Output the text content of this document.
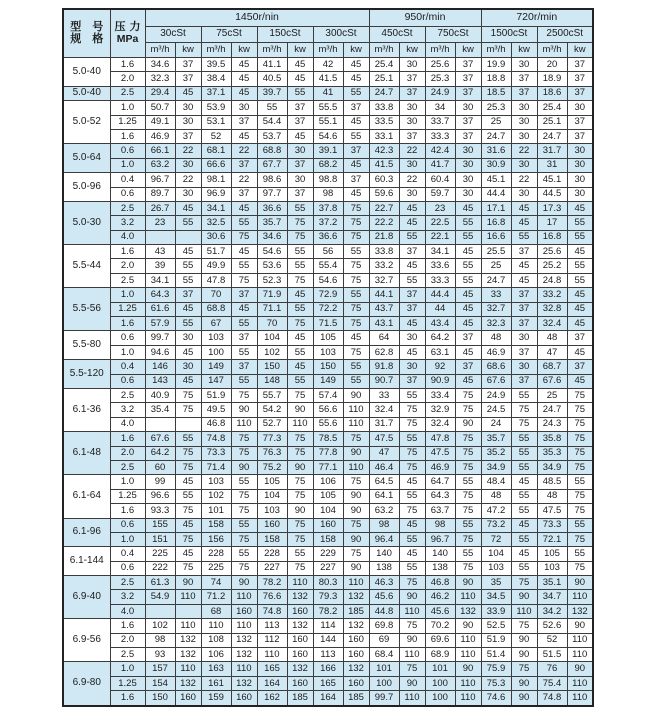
型 号
规 格

压力
MPa
	1450r/nin	950r/min	720r/min
		30cSt		75cSt		150cSt		300cSt		450cSt		750cSt		1500cSt		2500cSt	
		m³/h	kw	m³/h	kw	m³/h	kw	m³/h	kw	m³/h	kw	m³/h	kw	m³/h	kw	m³/h	kw
5.0-40	1.6	34.6	37	39.5	45	41.1	45	42	45	25.4	30	25.6	37	19.9	30	20	37
	2.0	32.3	37	38.4	45	40.5	45	41.5	45	25.1	37	25.3	37	18.8	37	18.9	37
5.0-40	2.5	29.4	45	37.1	45	39.7	55	41	55	24.7	37	24.9	37	18.5	37	18.6	37
5.0-52	1.0	50.7	30	53.9	30	55	37	55.5	37	33.8	30	34	30	25.3	30	25.4	30
	1.25	49.1	30	53.1	37	54.4	37	55.1	45	33.5	30	33.7	37	25	30	25.1	37
	1.6	46.9	37	52	45	53.7	45	54.6	55	33.1	37	33.3	37	24.7	30	24.7	37
5.0-64	0.6	66.1	22	68.1	22	68.8	30	39.1	37	42.3	22	42.4	30	31.6	22	31.7	30
	1.0	63.2	30	66.6	37	67.7	37	68.2	45	41.5	30	41.7	30	30.9	30	31	30
5.0-96	0.4	96.7	22	98.1	22	98.6	30	98.8	37	60.3	22	60.4	30	45.1	22	45.1	30
	0.6	89.7	30	96.9	37	97.7	37	98	45	59.6	30	59.7	30	44.4	30	44.5	30
5.0-30	2.5	26.7	45	34.1	45	36.6	55	37.8	75	22.7	45	23	45	17.1	45	17.3	45
	3.2	23	55	32.5	55	35.7	75	37.2	75	22.2	45	22.5	55	16.8	45	17	55
	4.0			30.6	75	34.6	75	36.6	75	21.8	55	22.1	55	16.6	55	16.8	55
5.5-44	1.6	43	45	51.7	45	54.6	55	56	55	33.8	37	34.1	45	25.5	37	25.6	45
	2.0	39	55	49.9	55	53.6	55	55.4	75	33.2	45	33.6	55	25	45	25.2	55
	2.5	34.1	55	47.8	75	52.3	75	54.6	75	32.7	55	33.3	55	24.7	45	24.8	55
5.5-56	1.0	64.3	37	70	37	71.9	45	72.9	55	44.1	37	44.4	45	33	37	33.2	45
	1.25	61.6	45	68.8	45	71.1	55	72.2	75	43.7	37	44	45	32.7	37	32.8	45
	1.6	57.9	55	67	55	70	75	71.5	75	43.1	45	43.4	45	32.3	37	32.4	45
5.5-80	0.6	99.7	30	103	37	104	45	105	45	64	30	64.2	37	48	30	48	37
	1.0	94.6	45	100	55	102	55	103	75	62.8	45	63.1	45	46.9	37	47	45
5.5-120	0.4	146	30	149	37	150	45	150	55	91.8	30	92	37	68.6	30	68.7	37
	0.6	143	45	147	55	148	55	149	55	90.7	37	90.9	45	67.6	37	67.6	45
6.1-36	2.5	40.9	75	51.9	75	55.7	75	57.4	90	33	55	33.4	75	24.9	55	25	75
	3.2	35.4	75	49.5	90	54.2	90	56.6	110	32.4	75	32.9	75	24.5	75	24.7	75
	4.0			46.8	110	52.7	110	55.6	110	31.7	75	32.4	90	24	75	24.3	75
6.1-48	1.6	67.6	55	74.8	75	77.3	75	78.5	75	47.5	55	47.8	75	35.7	55	35.8	75
	2.0	64.2	75	73.3	75	76.3	75	77.8	90	47	75	47.5	75	35.2	55	35.3	75
	2.5	60	75	71.4	90	75.2	90	77.1	110	46.4	75	46.9	75	34.9	55	34.9	75
6.1-64	1.0	99	45	103	55	105	75	106	75	64.5	45	64.7	55	48.4	45	48.5	55
	1.25	96.6	55	102	75	104	75	105	90	64.1	55	64.3	75	48	55	48	75
	1.6	93.3	75	101	75	103	90	104	90	63.2	75	63.7	75	47.2	55	47.5	75
6.1-96	0.6	155	45	158	55	160	75	160	75	98	45	98	55	73.2	45	73.3	55
	1.0	151	75	156	75	158	75	158	90	96.4	55	96.7	75	72	55	72.1	75
6.1-144	0.4	225	45	228	55	228	55	229	75	140	45	140	55	104	45	105	55
	0.6	222	75	225	75	227	75	227	90	138	55	138	75	103	55	103	75
6.9-40	2.5	61.3	90	74	90	78.2	110	80.3	110	46.3	75	46.8	90	35	75	35.1	90
	3.2	54.9	110	71.2	110	76.6	132	79.3	132	45.6	90	46.2	110	34.5	90	34.7	110
	4.0			68	160	74.8	160	78.2	185	44.8	110	45.6	132	33.9	110	34.2	132
6.9-56	1.6	102	110	110	110	113	132	114	132	69.8	75	70.2	90	52.5	75	52.6	90
	2.0	98	132	108	132	112	160	144	160	69	90	69.6	110	51.9	90	52	110
	2.5	93	132	106	132	110	160	113	160	68.4	110	68.9	110	51.4	90	51.5	110
6.9-80	1.0	157	110	163	110	165	132	166	132	101	75	101	90	75.9	75	76	90
	1.25	154	132	161	132	164	160	165	160	100	90	100	110	75.3	90	75.4	110
	1.6	150	160	159	160	162	185	164	185	99.7	110	100	110	74.6	90	74.8	110
